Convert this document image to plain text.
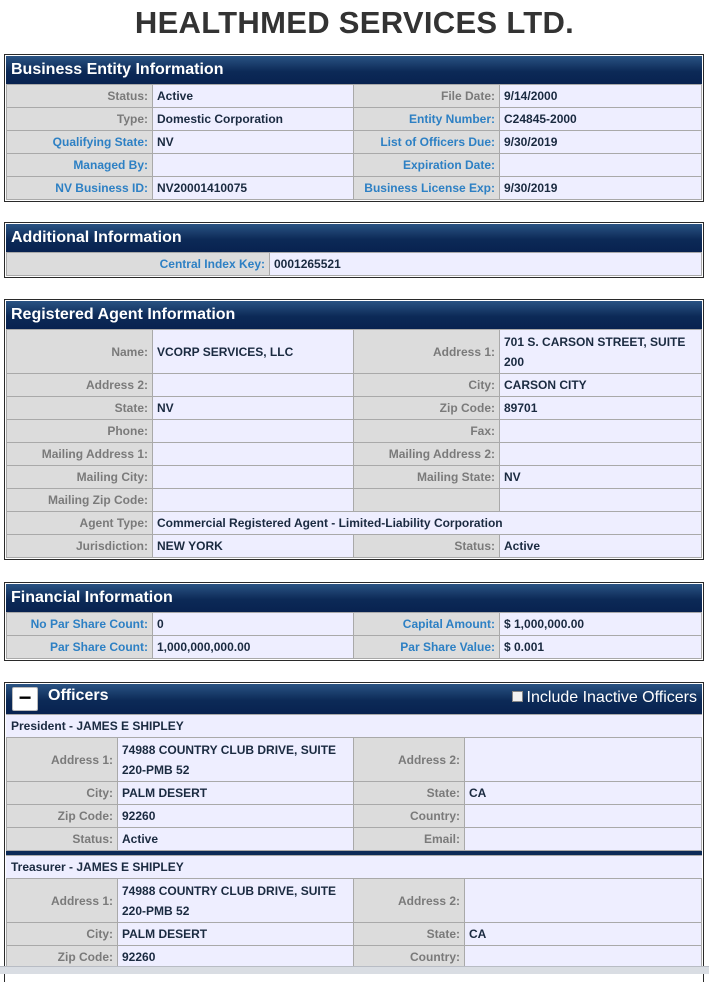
HEALTHMED SERVICES LTD.
Business Entity Information
Status:	Active	File Date:	9/14/2000
Type:	Domestic Corporation	Entity Number:	C24845-2000
Qualifying State:	NV	List of Officers Due:	9/30/2019
Managed By:		Expiration Date:	
NV Business ID:	NV20001410075	Business License Exp:	9/30/2019
Additional Information
Central Index Key:	0001265521
Registered Agent Information
Name:	VCORP SERVICES, LLC	Address 1:	701 S. CARSON STREET, SUITE 200
Address 2:		City:	CARSON CITY
State:	NV	Zip Code:	89701
Phone:		Fax:	
Mailing Address 1:		Mailing Address 2:	
Mailing City:		Mailing State:	NV
Mailing Zip Code:			
Agent Type:	Commercial Registered Agent - Limited-Liability Corporation		
Jurisdiction:	NEW YORK	Status:	Active
Financial Information
No Par Share Count:	0	Capital Amount:	$ 1,000,000.00
Par Share Count:	1,000,000,000.00	Par Share Value:	$ 0.001
−	Officers	Include Inactive Officers
President - JAMES E SHIPLEY
Address 1:	74988 COUNTRY CLUB DRIVE, SUITE 220-PMB 52	Address 2:	
City:	PALM DESERT	State:	CA
Zip Code:	92260	Country:	
Status:	Active	Email:	
Treasurer - JAMES E SHIPLEY
Address 1:	74988 COUNTRY CLUB DRIVE, SUITE 220-PMB 52	Address 2:	
City:	PALM DESERT	State:	CA
Zip Code:	92260	Country:	
